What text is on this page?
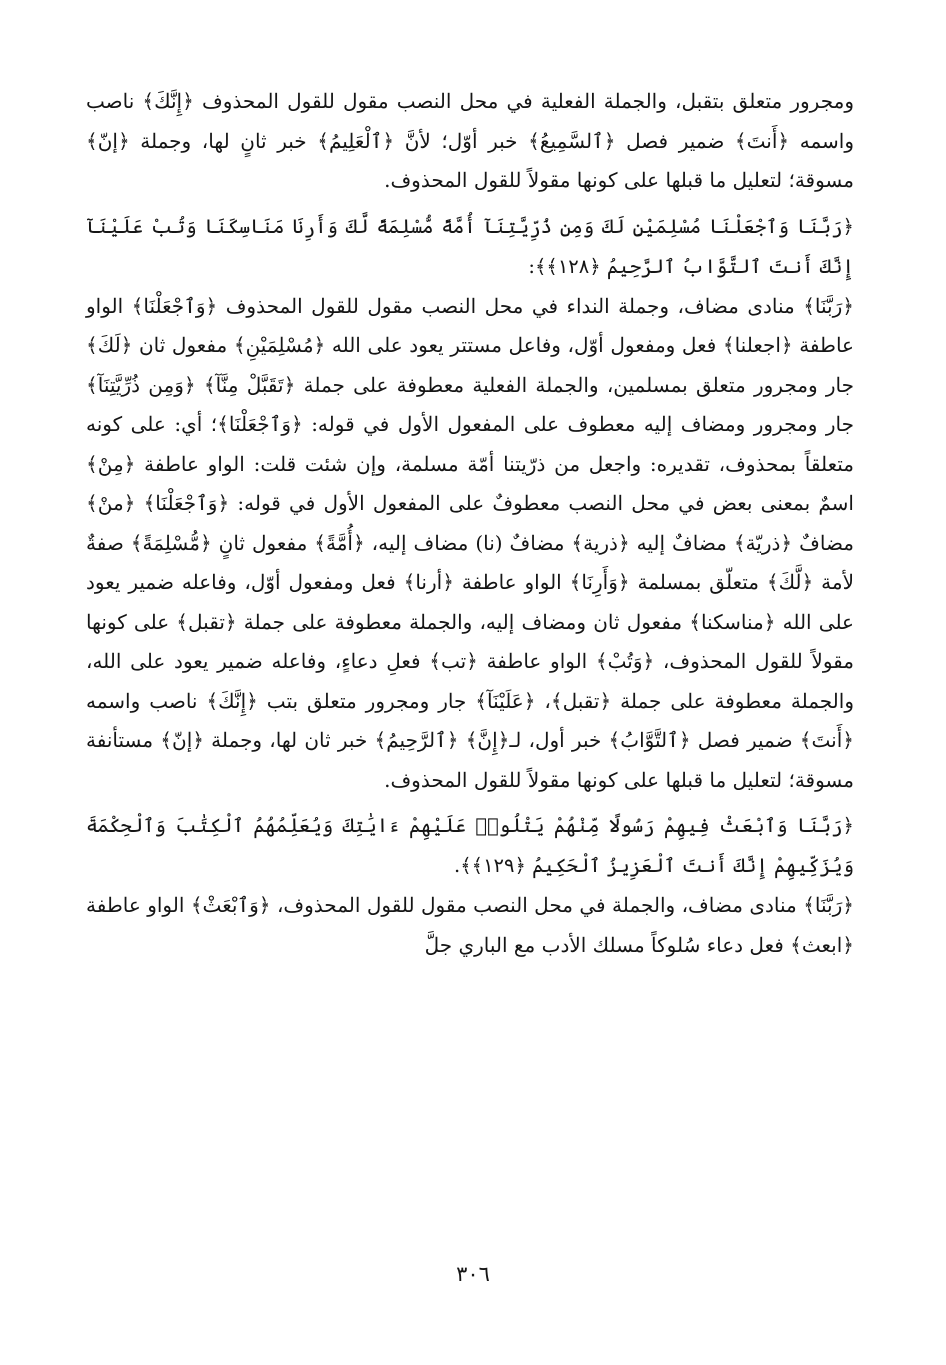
ومجرور متعلق بتقبل، والجملة الفعلية في محل النصب مقول للقول المحذوف ﴿إِنَّكَ﴾ ناصب واسمه ﴿أَنتَ﴾ ضمير فصل ﴿ٱلسَّمِيعُ﴾ خبر أوّل؛ لأنَّ ﴿ٱلْعَلِيمُ﴾ خبر ثانٍ لها، وجملة ﴿إنّ﴾ مسوقة؛ لتعليل ما قبلها على كونها مقولاً للقول المحذوف.

﴿رَبَّنَا وَٱجْعَلْنَا مُسْلِمَيْنِ لَكَ وَمِن ذُرِّيَّتِنَآ أُمَّةً مُّسْلِمَةً لَّكَ وَأَرِنَا مَنَاسِكَنَا وَتُبْ عَلَيْنَآ إِنَّكَ أَنتَ ٱلتَّوَّابُ ٱلرَّحِيمُ ﴿١٢٨﴾﴾:

﴿رَبَّنَا﴾ منادى مضاف، وجملة النداء في محل النصب مقول للقول المحذوف ﴿وَٱجْعَلْنَا﴾ الواو عاطفة ﴿اجعلنا﴾ فعل ومفعول أوّل، وفاعل مستتر يعود على الله ﴿مُسْلِمَيْنِ﴾ مفعول ثان ﴿لَكَ﴾ جار ومجرور متعلق بمسلمين، والجملة الفعلية معطوفة على جملة ﴿تَقَبَّلْ مِنَّآ﴾ ﴿وَمِن ذُرِّيَّتِنَآ﴾ جار ومجرور ومضاف إليه معطوف على المفعول الأول في قوله: ﴿وَٱجْعَلْنَا﴾؛ أي: على كونه متعلقاً بمحذوف، تقديره: واجعل من ذرّيتنا أمّة مسلمة، وإن شئت قلت: الواو عاطفة ﴿مِنْ﴾ اسمٌ بمعنى بعض في محل النصب معطوفٌ على المفعول الأول في قوله: ﴿وَٱجْعَلْنَا﴾ ﴿منْ﴾ مضافٌ ﴿ذريّة﴾ مضافٌ إليه ﴿ذرية﴾ مضافٌ (نا) مضاف إليه، ﴿أُمَّةً﴾ مفعول ثانٍ ﴿مُّسْلِمَةً﴾ صفةٌ لأمة ﴿لَّكَ﴾ متعلّق بمسلمة ﴿وَأَرِنَا﴾ الواو عاطفة ﴿أرنا﴾ فعل ومفعول أوّل، وفاعله ضمير يعود على الله ﴿مناسكنا﴾ مفعول ثان ومضاف إليه، والجملة معطوفة على جملة ﴿تقبل﴾ على كونها مقولاً للقول المحذوف، ﴿وَتُبْ﴾ الواو عاطفة ﴿تب﴾ فعلِ دعاءٍ، وفاعله ضمير يعود على الله، والجملة معطوفة على جملة ﴿تقبل﴾، ﴿عَلَيْنَآ﴾ جار ومجرور متعلق بتب ﴿إِنَّكَ﴾ ناصب واسمه ﴿أَنتَ﴾ ضمير فصل ﴿ٱلتَّوَّابُ﴾ خبر أول، لـ﴿إِنَّ﴾ ﴿ٱلرَّحِيمُ﴾ خبر ثان لها، وجملة ﴿إنّ﴾ مستأنفة مسوقة؛ لتعليل ما قبلها على كونها مقولاً للقول المحذوف.

﴿رَبَّنَا وَٱبْعَثْ فِيهِمْ رَسُولًا مِّنْهُمْ يَتْلُوا۟ عَلَيْهِمْ ءَايَٰتِكَ وَيُعَلِّمُهُمُ ٱلْكِتَٰبَ وَٱلْحِكْمَةَ وَيُزَكِّيهِمْ إِنَّكَ أَنتَ ٱلْعَزِيزُ ٱلْحَكِيمُ ﴿١٢٩﴾﴾.

﴿رَبَّنَا﴾ منادى مضاف، والجملة في محل النصب مقول للقول المحذوف، ﴿وَٱبْعَثْ﴾ الواو عاطفة ﴿ابعث﴾ فعل دعاء سُلوكاً مسلك الأدب مع الباري جلَّ

٣٠٦
